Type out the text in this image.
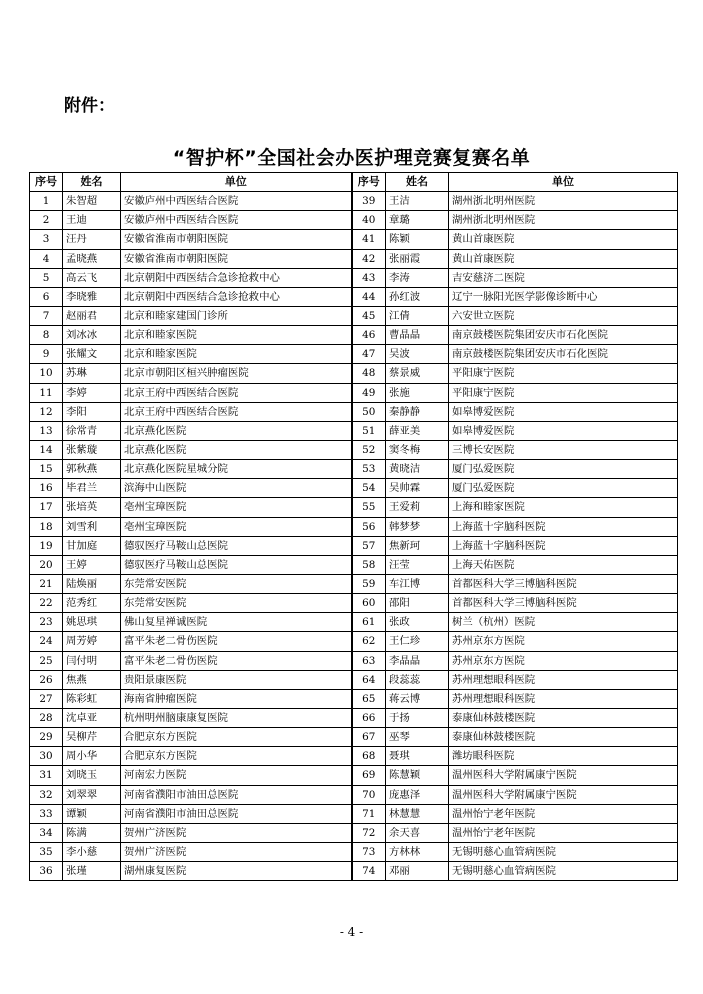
附件：
“智护杯”全国社会办医护理竞赛复赛名单
序号	姓名	单位	序号	姓名	单位
1	朱智超	安徽庐州中西医结合医院	39	王洁	湖州浙北明州医院
2	王迪	安徽庐州中西医结合医院	40	章璐	湖州浙北明州医院
3	汪丹	安徽省淮南市朝阳医院	41	陈颖	黄山首康医院
4	孟晓燕	安徽省淮南市朝阳医院	42	张丽霞	黄山首康医院
5	高云飞	北京朝阳中西医结合急诊抢救中心	43	李涛	吉安慈济二医院
6	李晓雅	北京朝阳中西医结合急诊抢救中心	44	孙红波	辽宁一脉阳光医学影像诊断中心
7	赵丽君	北京和睦家建国门诊所	45	江倩	六安世立医院
8	刘冰冰	北京和睦家医院	46	曹晶晶	南京鼓楼医院集团安庆市石化医院
9	张耀文	北京和睦家医院	47	吴波	南京鼓楼医院集团安庆市石化医院
10	苏琳	北京市朝阳区桓兴肿瘤医院	48	蔡景威	平阳康宁医院
11	李婷	北京王府中西医结合医院	49	张施	平阳康宁医院
12	李阳	北京王府中西医结合医院	50	秦静静	如皋博爱医院
13	徐常青	北京燕化医院	51	薛亚美	如皋博爱医院
14	张紫璇	北京燕化医院	52	窦冬梅	三博长安医院
15	郭秋燕	北京燕化医院星城分院	53	黄晓洁	厦门弘爱医院
16	毕君兰	滨海中山医院	54	吴帅霖	厦门弘爱医院
17	张培英	亳州宝璋医院	55	王爱莉	上海和睦家医院
18	刘雪利	亳州宝璋医院	56	韩梦梦	上海蓝十字脑科医院
19	甘加庭	德驭医疗马鞍山总医院	57	焦新珂	上海蓝十字脑科医院
20	王婷	德驭医疗马鞍山总医院	58	汪莹	上海天佑医院
21	陆焕丽	东莞常安医院	59	车江博	首都医科大学三博脑科医院
22	范秀红	东莞常安医院	60	邵阳	首都医科大学三博脑科医院
23	姚思琪	佛山复星禅诚医院	61	张政	树兰（杭州）医院
24	周芳婷	富平朱老二骨伤医院	62	王仁珍	苏州京东方医院
25	闫付明	富平朱老二骨伤医院	63	李晶晶	苏州京东方医院
26	焦燕	贵阳景康医院	64	段蕊蕊	苏州理想眼科医院
27	陈彩虹	海南省肿瘤医院	65	蒋云博	苏州理想眼科医院
28	沈卓亚	杭州明州脑康康复医院	66	于扬	泰康仙林鼓楼医院
29	吴柳芹	合肥京东方医院	67	巫琴	泰康仙林鼓楼医院
30	周小华	合肥京东方医院	68	聂琪	潍坊眼科医院
31	刘晓玉	河南宏力医院	69	陈慧颖	温州医科大学附属康宁医院
32	刘翠翠	河南省濮阳市油田总医院	70	庞惠泽	温州医科大学附属康宁医院
33	谭颖	河南省濮阳市油田总医院	71	林慧慧	温州怡宁老年医院
34	陈满	贺州广济医院	72	余天喜	温州怡宁老年医院
35	李小慈	贺州广济医院	73	方林林	无锡明慈心血管病医院
36	张瑾	湖州康复医院	74	邓丽	无锡明慈心血管病医院
- 4 -
